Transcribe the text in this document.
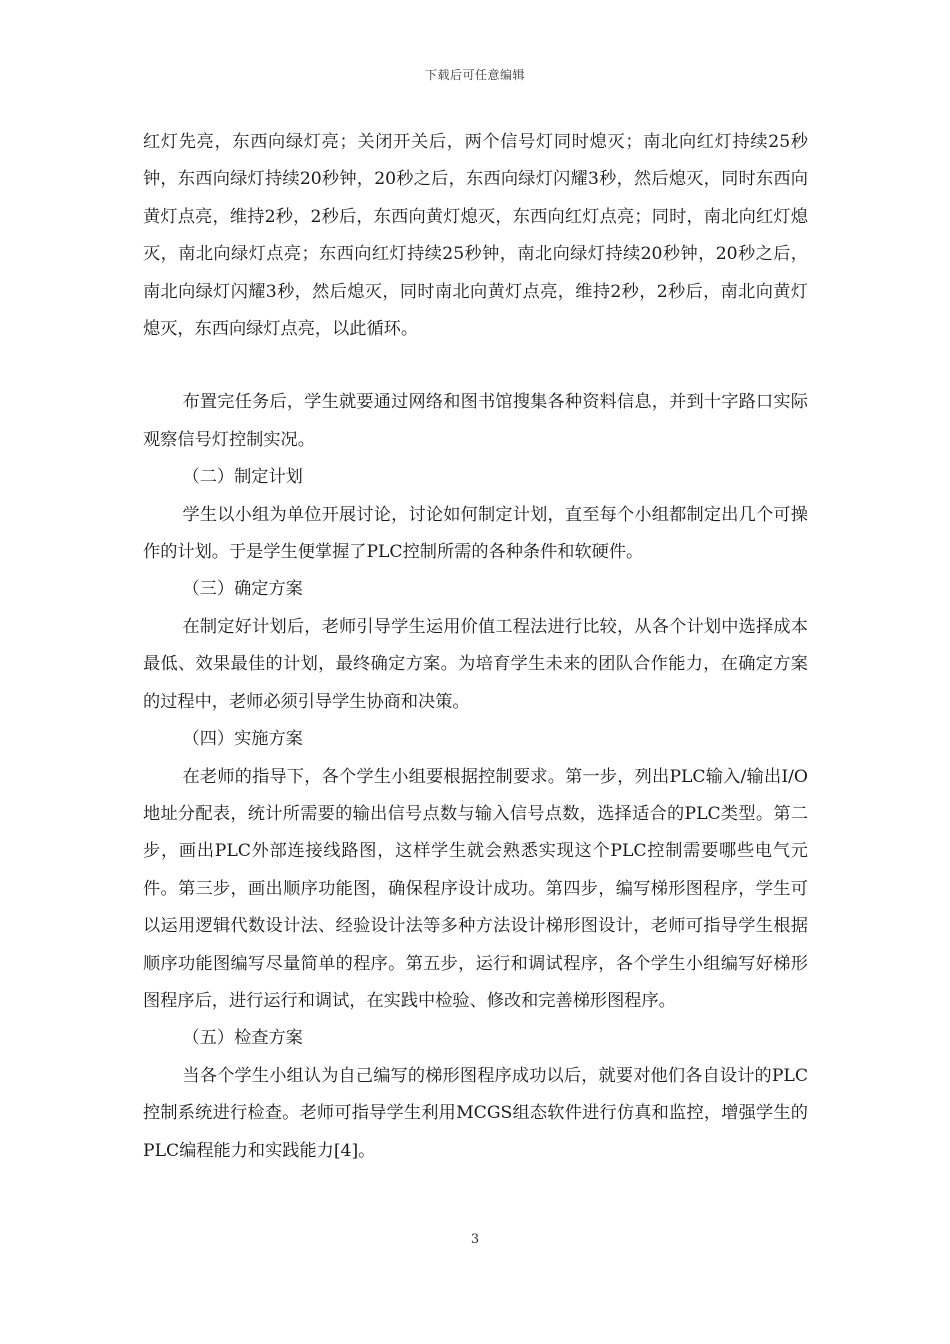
下载后可任意编辑

红灯先亮，东西向绿灯亮；关闭开关后，两个信号灯同时熄灭；南北向红灯持续25秒钟，东西向绿灯持续20秒钟，20秒之后，东西向绿灯闪耀3秒，然后熄灭，同时东西向黄灯点亮，维持2秒，2秒后，东西向黄灯熄灭，东西向红灯点亮；同时，南北向红灯熄灭，南北向绿灯点亮；东西向红灯持续25秒钟，南北向绿灯持续20秒钟，20秒之后，南北向绿灯闪耀3秒，然后熄灭，同时南北向黄灯点亮，维持2秒，2秒后，南北向黄灯熄灭，东西向绿灯点亮，以此循环。

布置完任务后，学生就要通过网络和图书馆搜集各种资料信息，并到十字路口实际观察信号灯控制实况。

（二）制定计划

学生以小组为单位开展讨论，讨论如何制定计划，直至每个小组都制定出几个可操作的计划。于是学生便掌握了PLC控制所需的各种条件和软硬件。

（三）确定方案

在制定好计划后，老师引导学生运用价值工程法进行比较，从各个计划中选择成本最低、效果最佳的计划，最终确定方案。为培育学生未来的团队合作能力，在确定方案的过程中，老师必须引导学生协商和决策。

（四）实施方案

在老师的指导下，各个学生小组要根据控制要求。第一步，列出PLC输入/输出I/O地址分配表，统计所需要的输出信号点数与输入信号点数，选择适合的PLC类型。第二步，画出PLC外部连接线路图，这样学生就会熟悉实现这个PLC控制需要哪些电气元件。第三步，画出顺序功能图，确保程序设计成功。第四步，编写梯形图程序，学生可以运用逻辑代数设计法、经验设计法等多种方法设计梯形图设计，老师可指导学生根据顺序功能图编写尽量简单的程序。第五步，运行和调试程序，各个学生小组编写好梯形图程序后，进行运行和调试，在实践中检验、修改和完善梯形图程序。

（五）检查方案

当各个学生小组认为自己编写的梯形图程序成功以后，就要对他们各自设计的PLC控制系统进行检查。老师可指导学生利用MCGS组态软件进行仿真和监控，增强学生的PLC编程能力和实践能力[4]。

3
